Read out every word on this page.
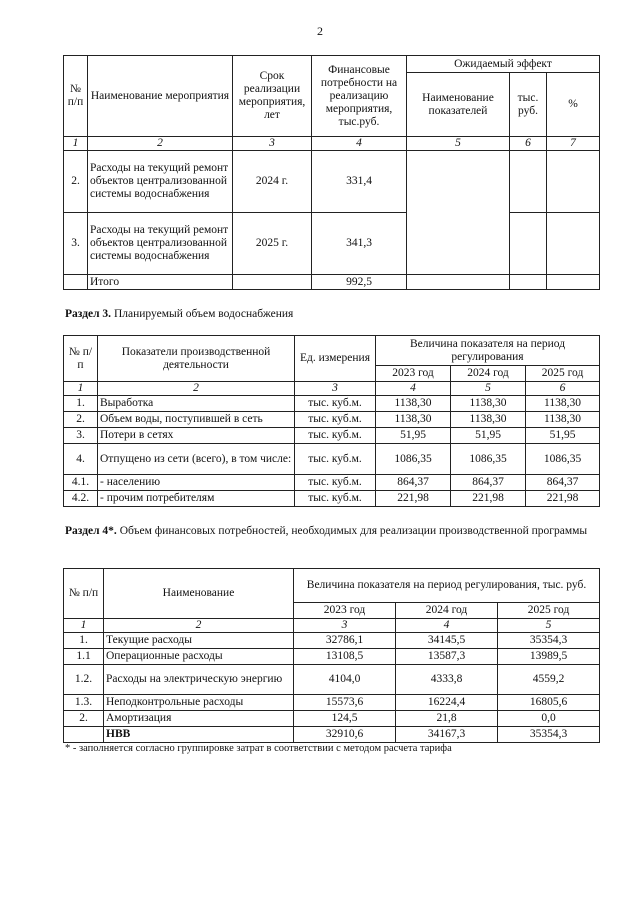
2
№ п/п	Наименование мероприятия	Срок реализации мероприятия, лет	Финансовые потребности на реализацию мероприятия, тыс.руб.	Ожидаемый эффект		
				Наименование показателей	тыс. руб.	%
1	2	3	4	5	6	7
2.	Расходы на текущий ремонт объектов централизованной системы водоснабжения	2024 г.	331,4			
3.	Расходы на текущий ремонт объектов централизованной системы водоснабжения	2025 г.	341,3			
	Итого		992,5			
Раздел 3. Планируемый объем водоснабжения
№ п/п	Показатели производственной деятельности	Ед. измерения	Величина показателя на период регулирования		
			2023 год	2024 год	2025 год
1	2	3	4	5	6
1.	Выработка	тыс. куб.м.	1138,30	1138,30	1138,30
2.	Объем воды, поступившей в сеть	тыс. куб.м.	1138,30	1138,30	1138,30
3.	Потери в сетях	тыс. куб.м.	51,95	51,95	51,95
4.	Отпущено из сети (всего), в том числе:	тыс. куб.м.	1086,35	1086,35	1086,35
4.1.	- населению	тыс. куб.м.	864,37	864,37	864,37
4.2.	- прочим потребителям	тыс. куб.м.	221,98	221,98	221,98
Раздел 4*. Объем финансовых потребностей, необходимых для реализации производственной программы
№ п/п	Наименование	Величина показателя на период регулирования, тыс. руб.		
		2023 год	2024 год	2025 год
1	2	3	4	5
1.	Текущие расходы	32786,1	34145,5	35354,3
1.1	Операционные расходы	13108,5	13587,3	13989,5
1.2.	Расходы на электрическую энергию	4104,0	4333,8	4559,2
1.3.	Неподконтрольные расходы	15573,6	16224,4	16805,6
2.	Амортизация	124,5	21,8	0,0
	НВВ	32910,6	34167,3	35354,3
* - заполняется согласно группировке затрат в соответствии с методом расчета тарифа
